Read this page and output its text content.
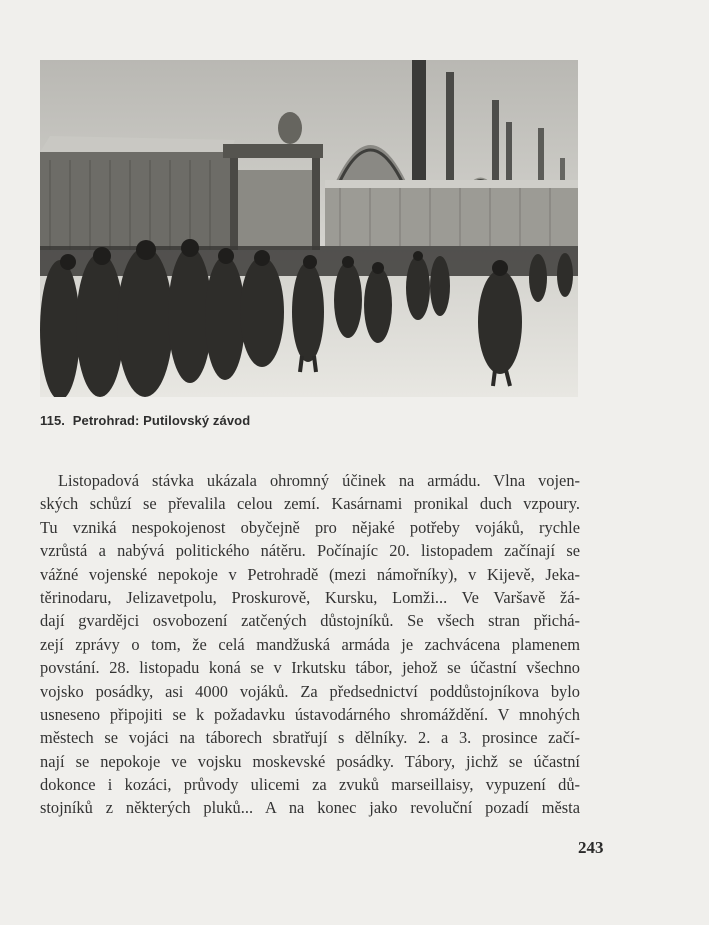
115. Petrohrad: Putilovský závod
Listopadová stávka ukázala ohromný účinek na armádu. Vlna vojen-
ských schůzí se převalila celou zemí. Kasárnami pronikal duch vzpoury.
Tu vzniká nespokojenost obyčejně pro nějaké potřeby vojáků, rychle
vzrůstá a nabývá politického nátěru. Počínajíc 20. listopadem začínají se
vážné vojenské nepokoje v Petrohradě (mezi námořníky), v Kijevě, Jeka-
těrinodaru, Jelizavetpolu, Proskurově, Kursku, Lomži... Ve Varšavě žá-
dají gvardějci osvobození zatčených důstojníků. Se všech stran přichá-
zejí zprávy o tom, že celá mandžuská armáda je zachvácena plamenem
povstání. 28. listopadu koná se v Irkutsku tábor, jehož se účastní všechno
vojsko posádky, asi 4000 vojáků. Za předsednictví poddůstojníkova bylo
usneseno připojiti se k požadavku ústavodárného shromáždění. V mnohých
městech se vojáci na táborech sbratřují s dělníky. 2. a 3. prosince začí-
nají se nepokoje ve vojsku moskevské posádky. Tábory, jichž se účastní
dokonce i kozáci, průvody ulicemi za zvuků marseillaisy, vypuzení dů-
stojníků z některých pluků... A na konec jako revoluční pozadí města
243
